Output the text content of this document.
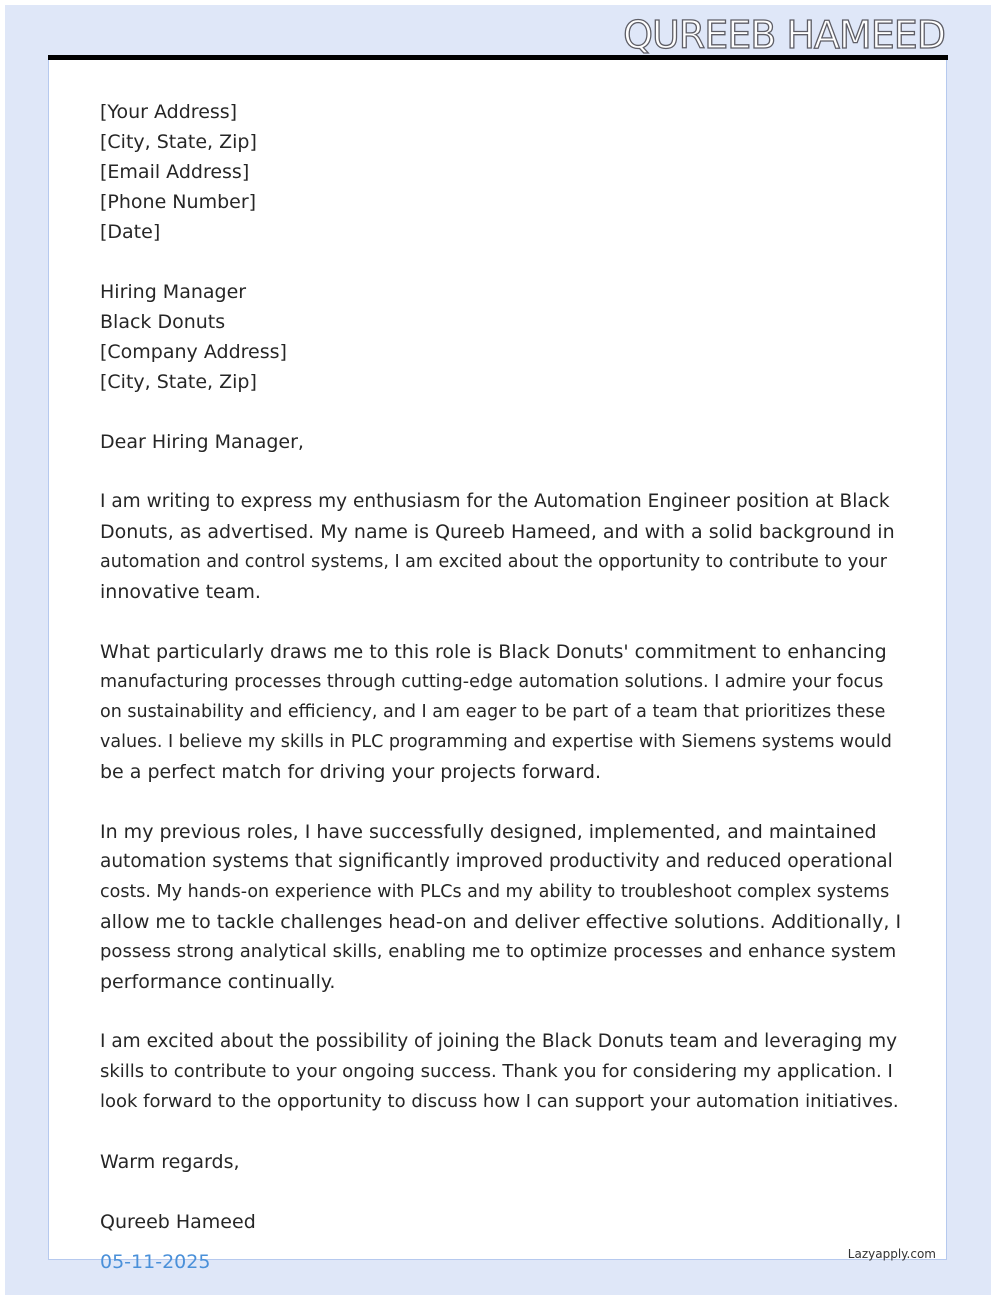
QUREEB HAMEED
[Your Address]
[City, State, Zip]
[Email Address]
[Phone Number]
[Date]
Hiring Manager
Black Donuts
[Company Address]
[City, State, Zip]
Dear Hiring Manager,
I am writing to express my enthusiasm for the Automation Engineer position at Black
Donuts, as advertised. My name is Qureeb Hameed, and with a solid background in
automation and control systems, I am excited about the opportunity to contribute to your
innovative team.
What particularly draws me to this role is Black Donuts' commitment to enhancing
manufacturing processes through cutting-edge automation solutions. I admire your focus
on sustainability and efficiency, and I am eager to be part of a team that prioritizes these
values. I believe my skills in PLC programming and expertise with Siemens systems would
be a perfect match for driving your projects forward.
In my previous roles, I have successfully designed, implemented, and maintained
automation systems that significantly improved productivity and reduced operational
costs. My hands-on experience with PLCs and my ability to troubleshoot complex systems
allow me to tackle challenges head-on and deliver effective solutions. Additionally, I
possess strong analytical skills, enabling me to optimize processes and enhance system
performance continually.
I am excited about the possibility of joining the Black Donuts team and leveraging my
skills to contribute to your ongoing success. Thank you for considering my application. I
look forward to the opportunity to discuss how I can support your automation initiatives.
Warm regards,
Qureeb Hameed
05-11-2025	Lazyapply.com
